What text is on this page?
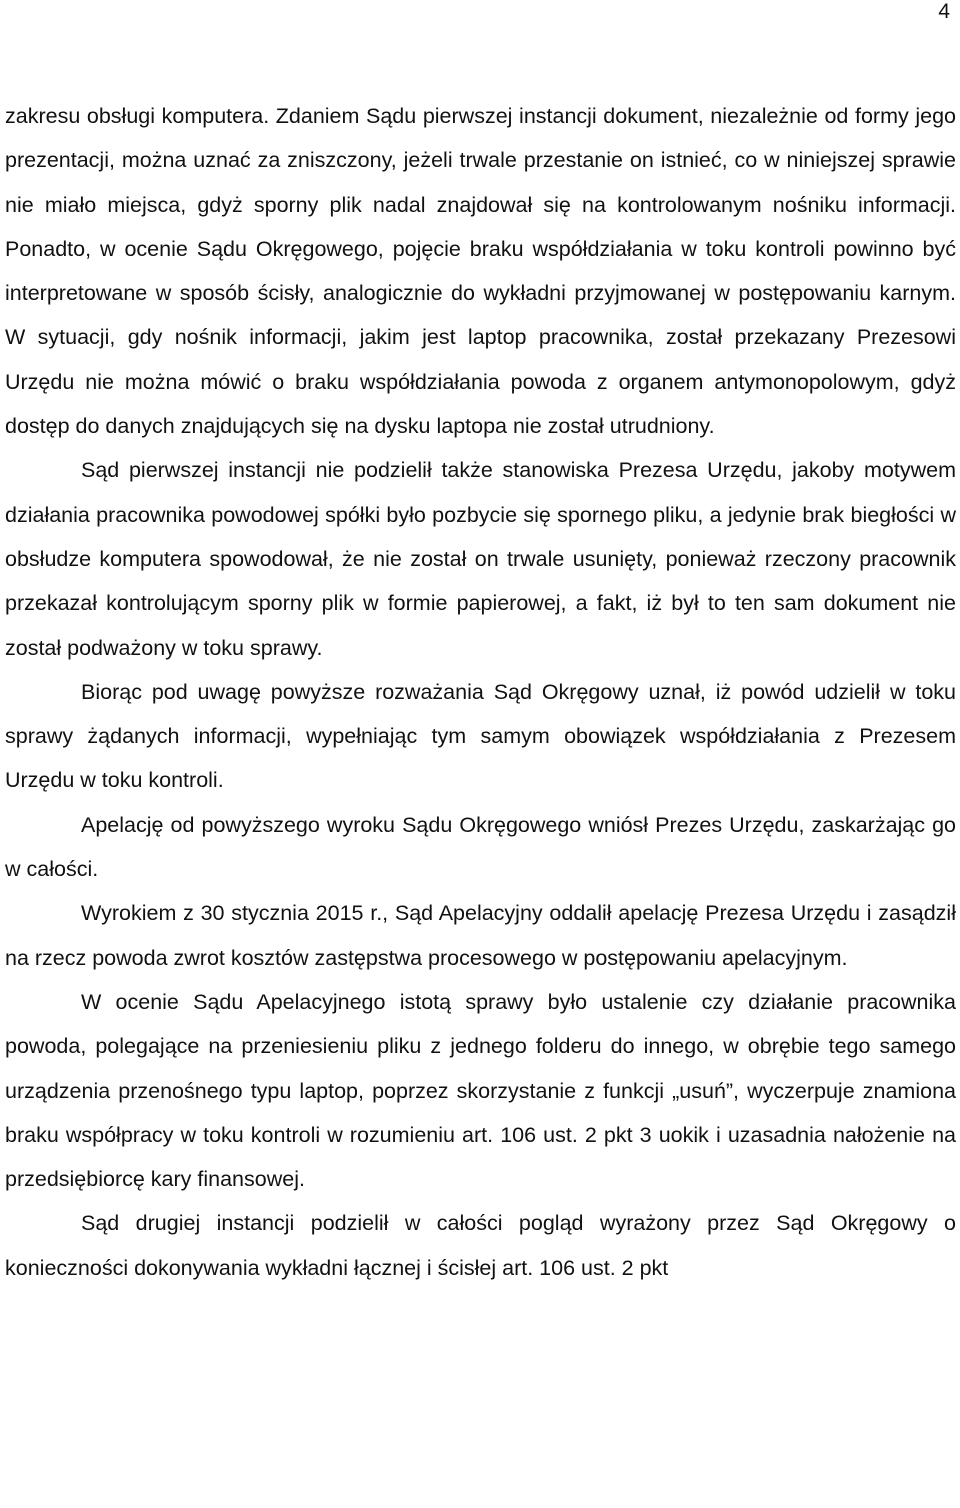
4

zakresu obsługi komputera. Zdaniem Sądu pierwszej instancji dokument, niezależnie od formy jego prezentacji, można uznać za zniszczony, jeżeli trwale przestanie on istnieć, co w niniejszej sprawie nie miało miejsca, gdyż sporny plik nadal znajdował się na kontrolowanym nośniku informacji. Ponadto, w ocenie Sądu Okręgowego, pojęcie braku współdziałania w toku kontroli powinno być interpretowane w sposób ścisły, analogicznie do wykładni przyjmowanej w postępowaniu karnym. W sytuacji, gdy nośnik informacji, jakim jest laptop pracownika, został przekazany Prezesowi Urzędu nie można mówić o braku współdziałania powoda z organem antymonopolowym, gdyż dostęp do danych znajdujących się na dysku laptopa nie został utrudniony.

Sąd pierwszej instancji nie podzielił także stanowiska Prezesa Urzędu, jakoby motywem działania pracownika powodowej spółki było pozbycie się spornego pliku, a jedynie brak biegłości w obsłudze komputera spowodował, że nie został on trwale usunięty, ponieważ rzeczony pracownik przekazał kontrolującym sporny plik w formie papierowej, a fakt, iż był to ten sam dokument nie został podważony w toku sprawy.

Biorąc pod uwagę powyższe rozważania Sąd Okręgowy uznał, iż powód udzielił w toku sprawy żądanych informacji, wypełniając tym samym obowiązek współdziałania z Prezesem Urzędu w toku kontroli.

Apelację od powyższego wyroku Sądu Okręgowego wniósł Prezes Urzędu, zaskarżając go w całości.

Wyrokiem z 30 stycznia 2015 r., Sąd Apelacyjny oddalił apelację Prezesa Urzędu i zasądził na rzecz powoda zwrot kosztów zastępstwa procesowego w postępowaniu apelacyjnym.

W ocenie Sądu Apelacyjnego istotą sprawy było ustalenie czy działanie pracownika powoda, polegające na przeniesieniu pliku z jednego folderu do innego, w obrębie tego samego urządzenia przenośnego typu laptop, poprzez skorzystanie z funkcji „usuń”, wyczerpuje znamiona braku współpracy w toku kontroli w rozumieniu art. 106 ust. 2 pkt 3 uokik i uzasadnia nałożenie na przedsiębiorcę kary finansowej.

Sąd drugiej instancji podzielił w całości pogląd wyrażony przez Sąd Okręgowy o konieczności dokonywania wykładni łącznej i ścisłej art. 106 ust. 2 pkt
